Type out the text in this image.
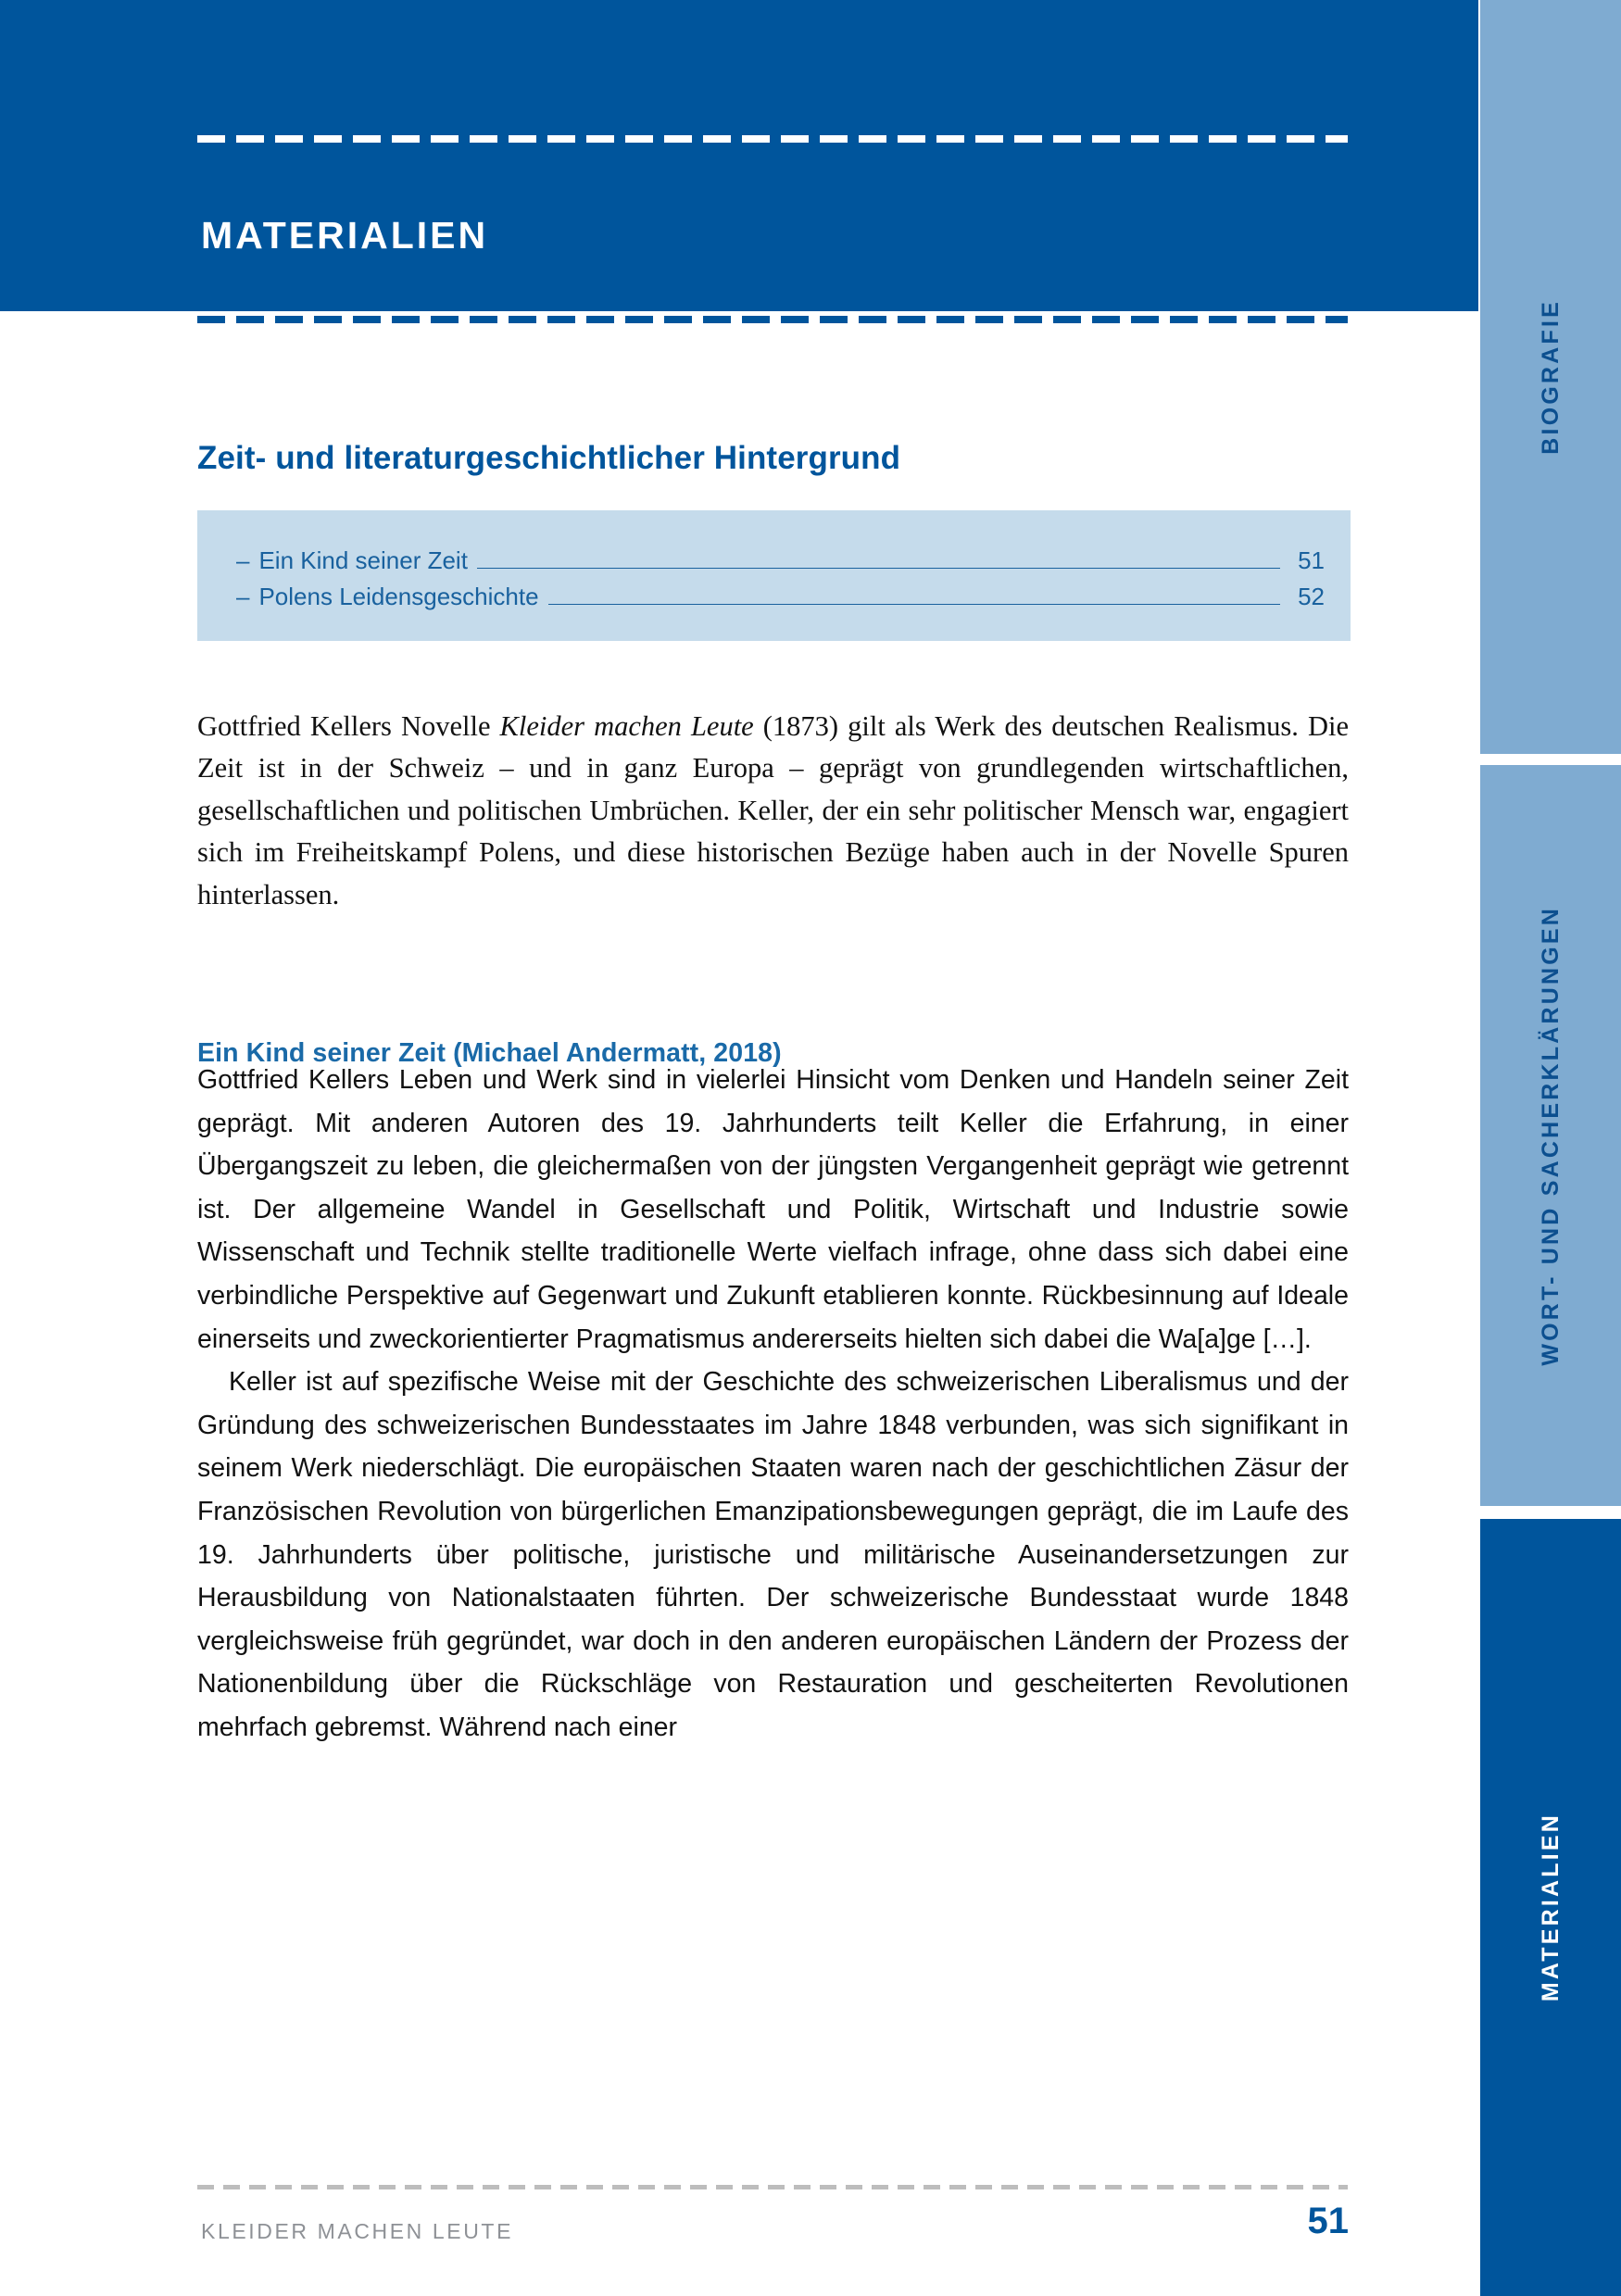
MATERIALIEN
Zeit- und literaturgeschichtlicher Hintergrund
– Ein Kind seiner Zeit	51
– Polens Leidensgeschichte	52

Gottfried Kellers Novelle Kleider machen Leute (1873) gilt als Werk des deutschen Realismus. Die Zeit ist in der Schweiz – und in ganz Europa – geprägt von grundlegenden wirtschaftlichen, gesellschaftlichen und politischen Umbrüchen. Keller, der ein sehr politischer Mensch war, engagiert sich im Freiheitskampf Polens, und diese historischen Bezüge haben auch in der Novelle Spuren hinterlassen.

Ein Kind seiner Zeit (Michael Andermatt, 2018)

Gottfried Kellers Leben und Werk sind in vielerlei Hinsicht vom Denken und Handeln seiner Zeit geprägt. Mit anderen Autoren des 19. Jahrhunderts teilt Keller die Erfahrung, in einer Übergangszeit zu leben, die gleichermaßen von der jüngsten Vergangenheit geprägt wie getrennt ist. Der allgemeine Wandel in Gesellschaft und Politik, Wirtschaft und Industrie sowie Wissenschaft und Technik stellte traditionelle Werte vielfach infrage, ohne dass sich dabei eine verbindliche Perspektive auf Gegenwart und Zukunft etablieren konnte. Rückbesinnung auf Ideale einerseits und zweckorientierter Pragmatismus andererseits hielten sich dabei die Wa[a]ge […].

Keller ist auf spezifische Weise mit der Geschichte des schweizerischen Liberalismus und der Gründung des schweizerischen Bundesstaates im Jahre 1848 verbunden, was sich signifikant in seinem Werk niederschlägt. Die europäischen Staaten waren nach der geschichtlichen Zäsur der Französischen Revolution von bürgerlichen Emanzipationsbewegungen geprägt, die im Laufe des 19. Jahrhunderts über politische, juristische und militärische Auseinandersetzungen zur Herausbildung von Nationalstaaten führten. Der schweizerische Bundesstaat wurde 1848 vergleichsweise früh gegründet, war doch in den anderen europäischen Ländern der Prozess der Nationenbildung über die Rückschläge von Restauration und gescheiterten Revolutionen mehrfach gebremst. Während nach einer

KLEIDER MACHEN LEUTE	51
BIOGRAFIE
WORT- UND SACHERKLÄRUNGEN
MATERIALIEN
